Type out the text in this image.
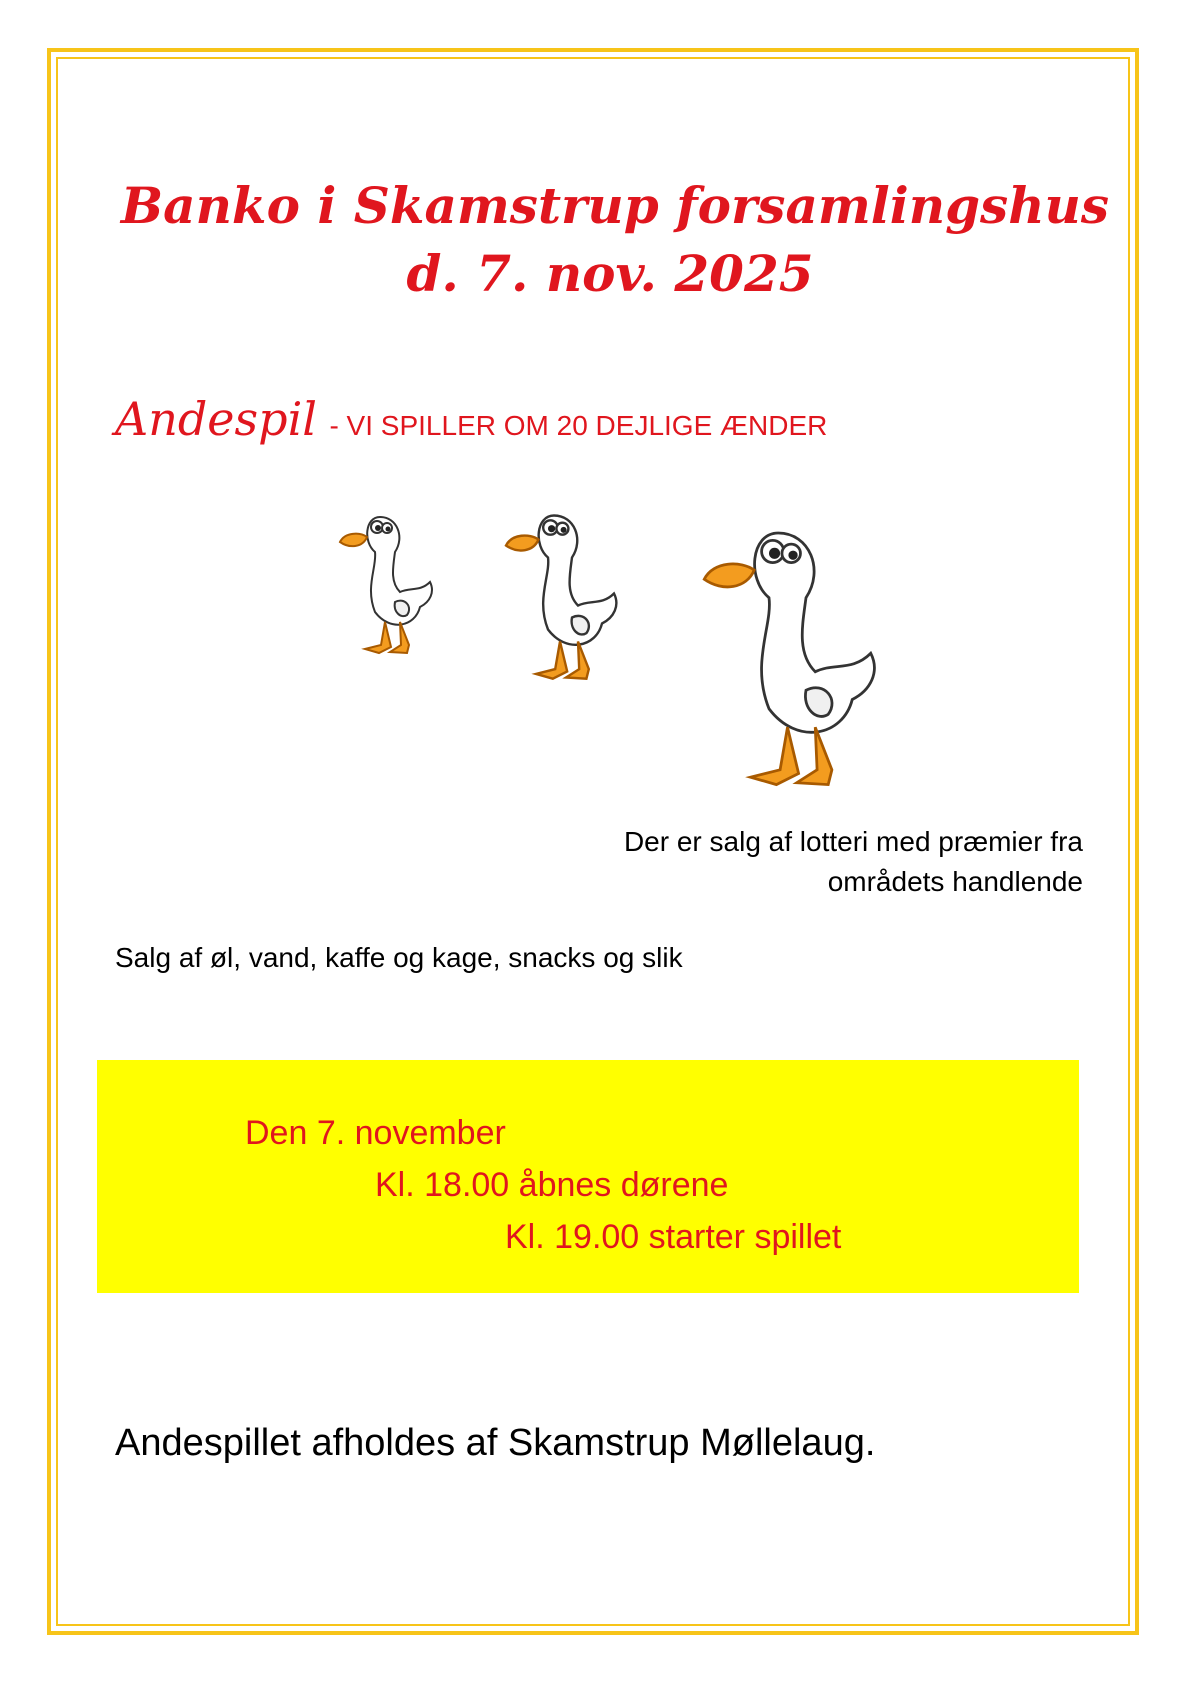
Banko i Skamstrup forsamlingshus
d. 7. nov. 2025
Andespil - VI SPILLER OM 20 DEJLIGE ÆNDER
Der er salg af lotteri med præmier fra
områdets handlende
Salg af øl, vand, kaffe og kage, snacks og slik
Den 7. november
Kl. 18.00 åbnes dørene
Kl. 19.00 starter spillet
Andespillet afholdes af Skamstrup Møllelaug.
